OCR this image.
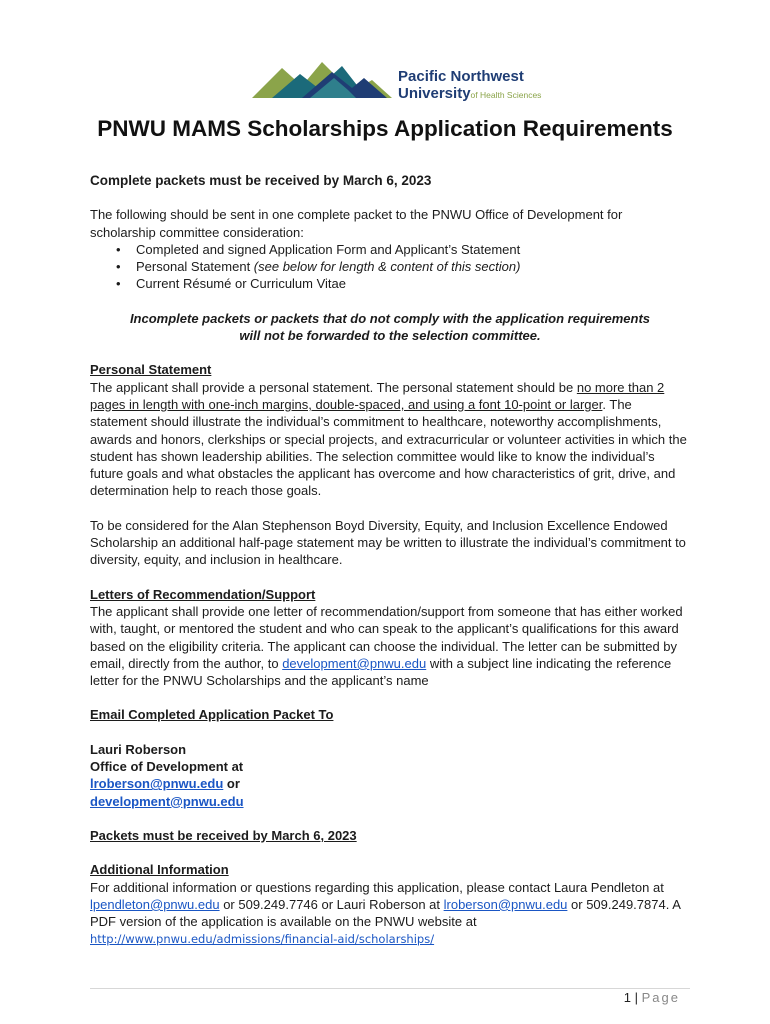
Pacific Northwest
Universityof Health Sciences
PNWU MAMS Scholarships Application Requirements

Complete packets must be received by March 6, 2023

The following should be sent in one complete packet to the PNWU Office of Development for scholarship committee consideration:

• Completed and signed Application Form and Applicant’s Statement
• Personal Statement (see below for length & content of this section)
• Current Résumé or Curriculum Vitae

Incomplete packets or packets that do not comply with the application requirements
will not be forwarded to the selection committee.

Personal Statement

The applicant shall provide a personal statement. The personal statement should be no more than 2 pages in length with one-inch margins, double-spaced, and using a font 10-point or larger. The statement should illustrate the individual’s commitment to healthcare, noteworthy accomplishments, awards and honors, clerkships or special projects, and extracurricular or volunteer activities in which the student has shown leadership abilities. The selection committee would like to know the individual’s future goals and what obstacles the applicant has overcome and how characteristics of grit, drive, and determination help to reach those goals.

To be considered for the Alan Stephenson Boyd Diversity, Equity, and Inclusion Excellence Endowed Scholarship an additional half-page statement may be written to illustrate the individual’s commitment to diversity, equity, and inclusion in healthcare.

Letters of Recommendation/Support

The applicant shall provide one letter of recommendation/support from someone that has either worked with, taught, or mentored the student and who can speak to the applicant’s qualifications for this award based on the eligibility criteria. The applicant can choose the individual. The letter can be submitted by email, directly from the author, to development@pnwu.edu with a subject line indicating the reference letter for the PNWU Scholarships and the applicant’s name

Email Completed Application Packet To

Lauri Roberson

Office of Development at

lroberson@pnwu.edu or

development@pnwu.edu

Packets must be received by March 6, 2023

Additional Information

For additional information or questions regarding this application, please contact Laura Pendleton at lpendleton@pnwu.edu or 509.249.7746 or Lauri Roberson at lroberson@pnwu.edu or 509.249.7874. A PDF version of the application is available on the PNWU website at
http://www.pnwu.edu/admissions/financial-aid/scholarships/

1 | Page
